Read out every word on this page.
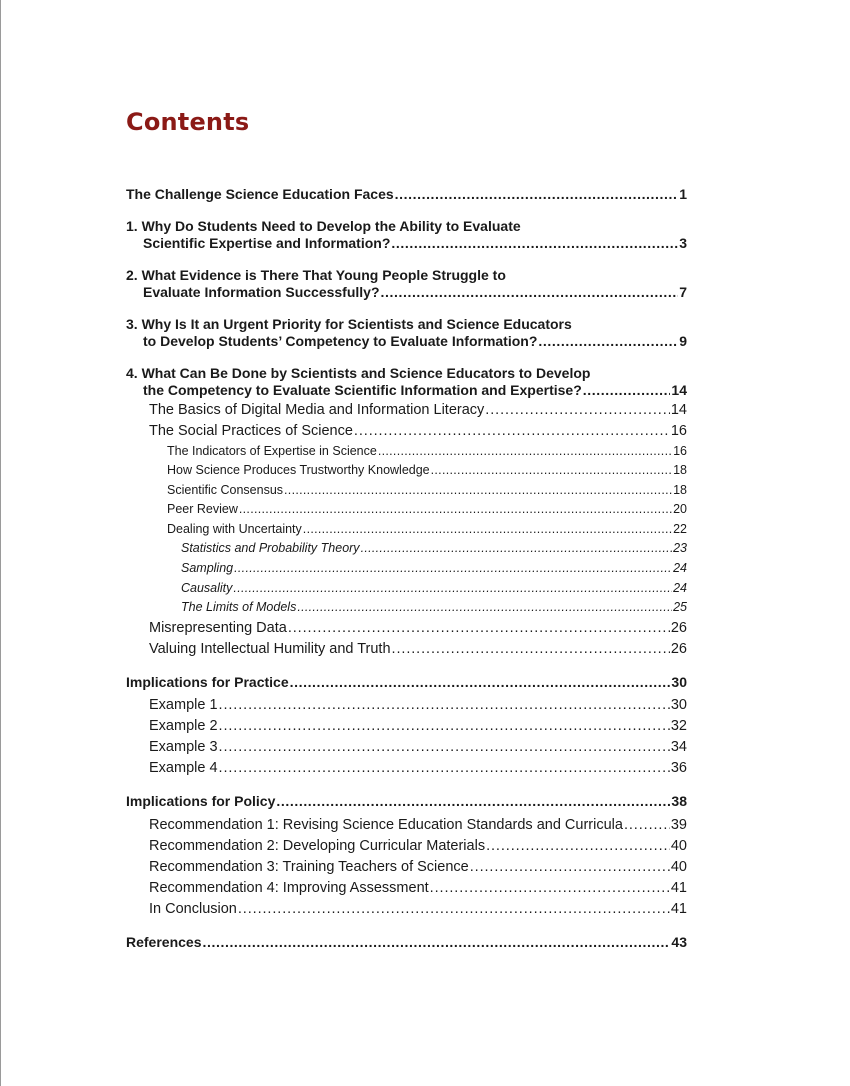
Contents
The Challenge Science Education Faces .....	1
1. Why Do Students Need to Develop the Ability to Evaluate
Scientific Expertise and Information? .....	3
2. What Evidence is There That Young People Struggle to
Evaluate Information Successfully? .....	7
3. Why Is It an Urgent Priority for Scientists and Science Educators
to Develop Students’ Competency to Evaluate Information? .....	9
4. What Can Be Done by Scientists and Science Educators to Develop
the Competency to Evaluate Scientific Information and Expertise? .....	14
The Basics of Digital Media and Information Literacy .....	14
The Social Practices of Science .....	16
The Indicators of Expertise in Science .....	16
How Science Produces Trustworthy Knowledge .....	18
Scientific Consensus .....	18
Peer Review .....	20
Dealing with Uncertainty .....	22
Statistics and Probability Theory .....	23
Sampling .....	24
Causality .....	24
The Limits of Models .....	25
Misrepresenting Data .....	26
Valuing Intellectual Humility and Truth .....	26
Implications for Practice .....	30
Example 1 .....	30
Example 2 .....	32
Example 3 .....	34
Example 4 .....	36
Implications for Policy .....	38
Recommendation 1: Revising Science Education Standards and Curricula .....	39
Recommendation 2: Developing Curricular Materials .....	40
Recommendation 3: Training Teachers of Science .....	40
Recommendation 4: Improving Assessment .....	41
In Conclusion .....	41
References .....	43
